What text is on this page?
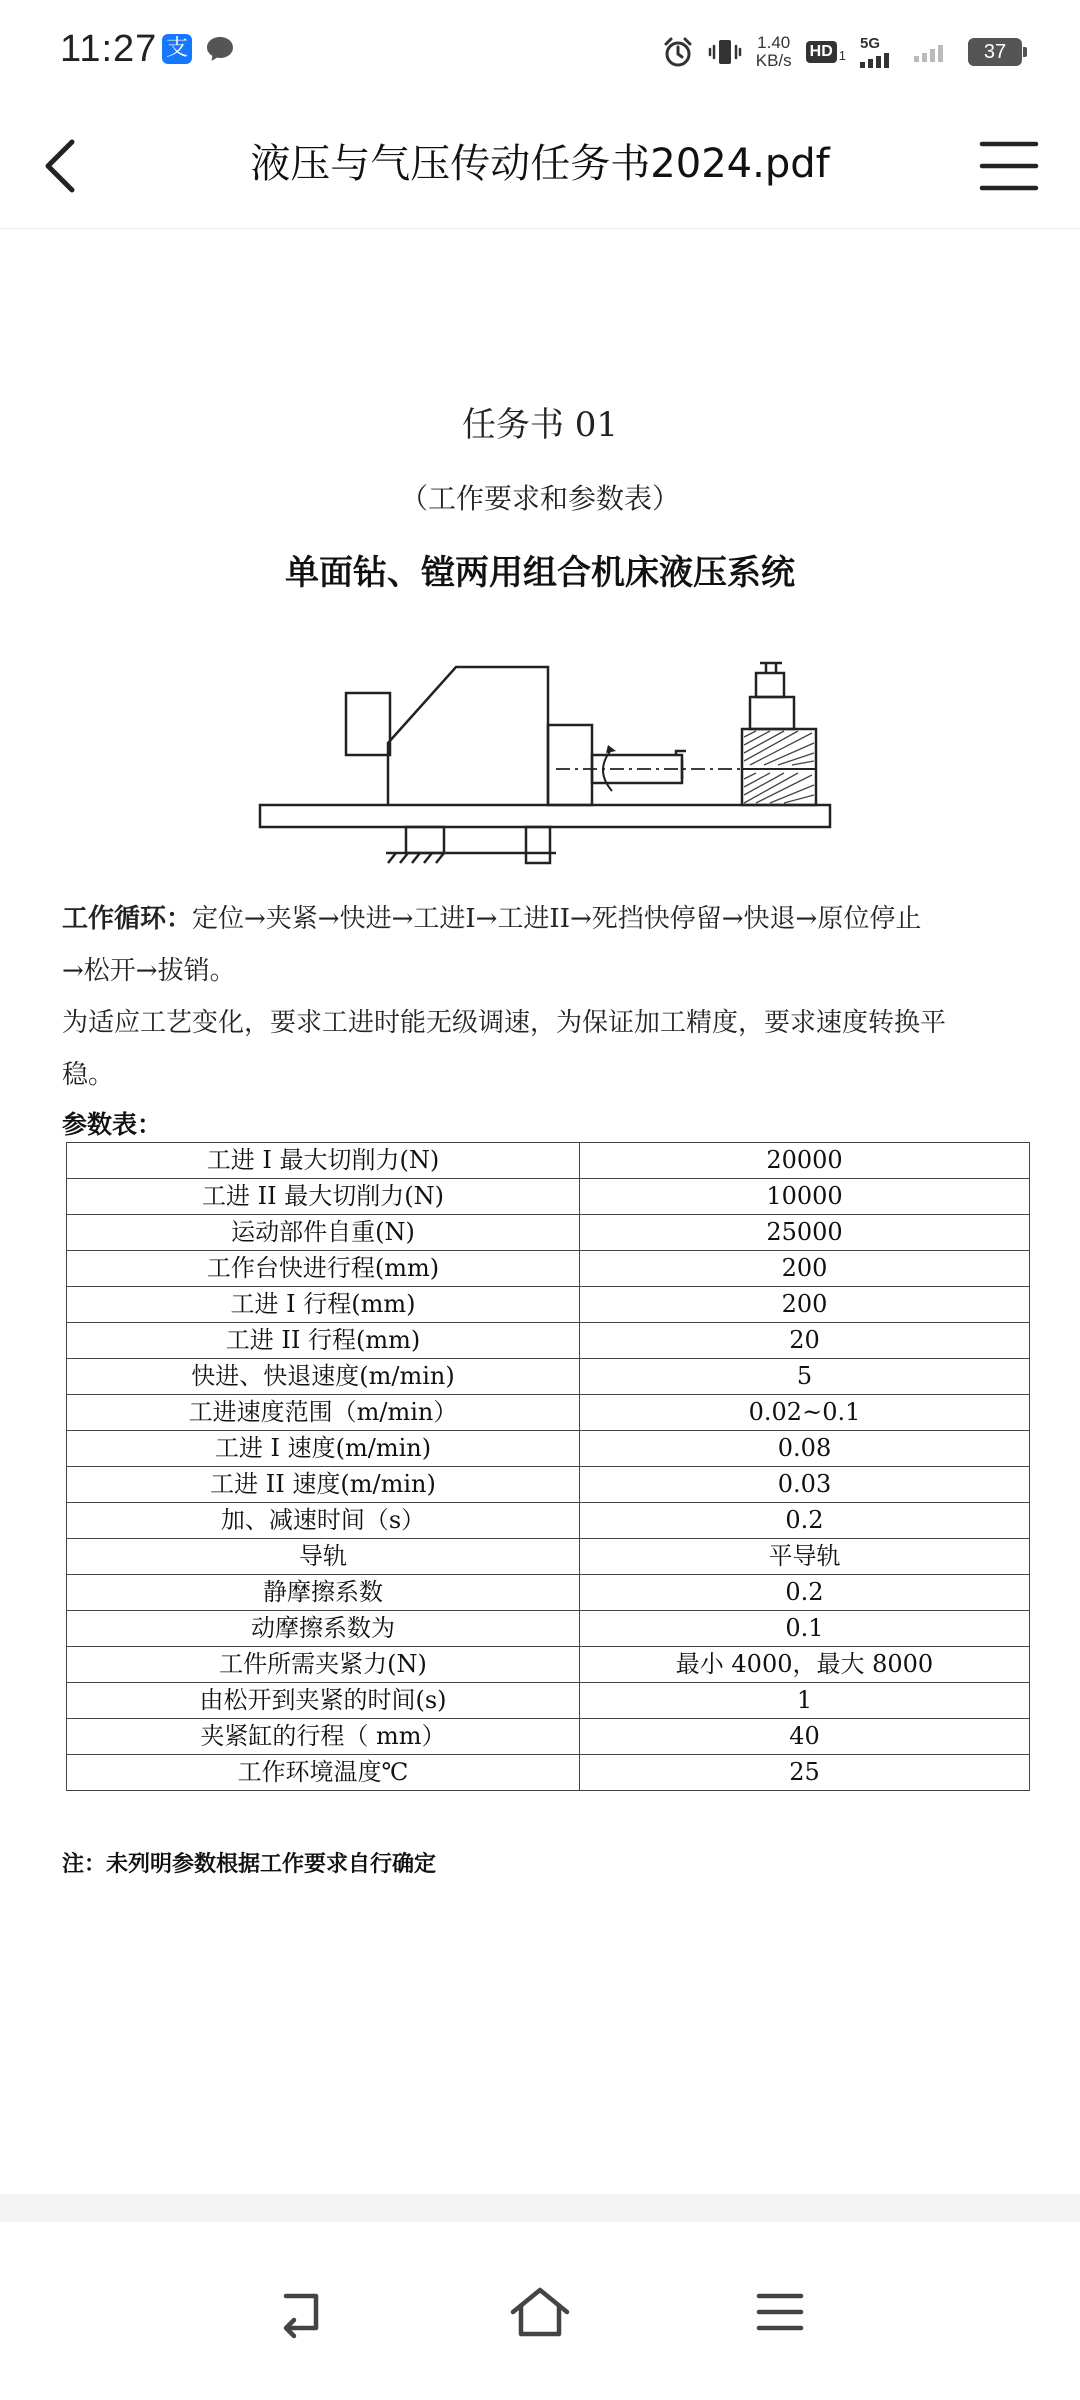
11:27 支	1.40
KB/s HD 1
5G	37
液压与气压传动任务书2024.pdf
任务书 01
（工作要求和参数表）
单面钻、镗两用组合机床液压系统
工作循环：定位→夹紧→快进→工进I→工进II→死挡快停留→快退→原位停止
→松开→拔销。
为适应工艺变化，要求工进时能无级调速，为保证加工精度，要求速度转换平
稳。
参数表：
工进 I 最大切削力(N)	20000
工进 II 最大切削力(N)	10000
运动部件自重(N)	25000
工作台快进行程(mm)	200
工进 I 行程(mm)	200
工进 II 行程(mm)	20
快进、快退速度(m/min)	5
工进速度范围（m/min）	0.02~0.1
工进 I 速度(m/min)	0.08
工进 II 速度(m/min)	0.03
加、减速时间（s）	0.2
导轨	平导轨
静摩擦系数	0.2
动摩擦系数为	0.1
工件所需夹紧力(N)	最小 4000，最大 8000
由松开到夹紧的时间(s)	1
夹紧缸的行程（ mm）	40
工作环境温度℃	25
注：未列明参数根据工作要求自行确定
